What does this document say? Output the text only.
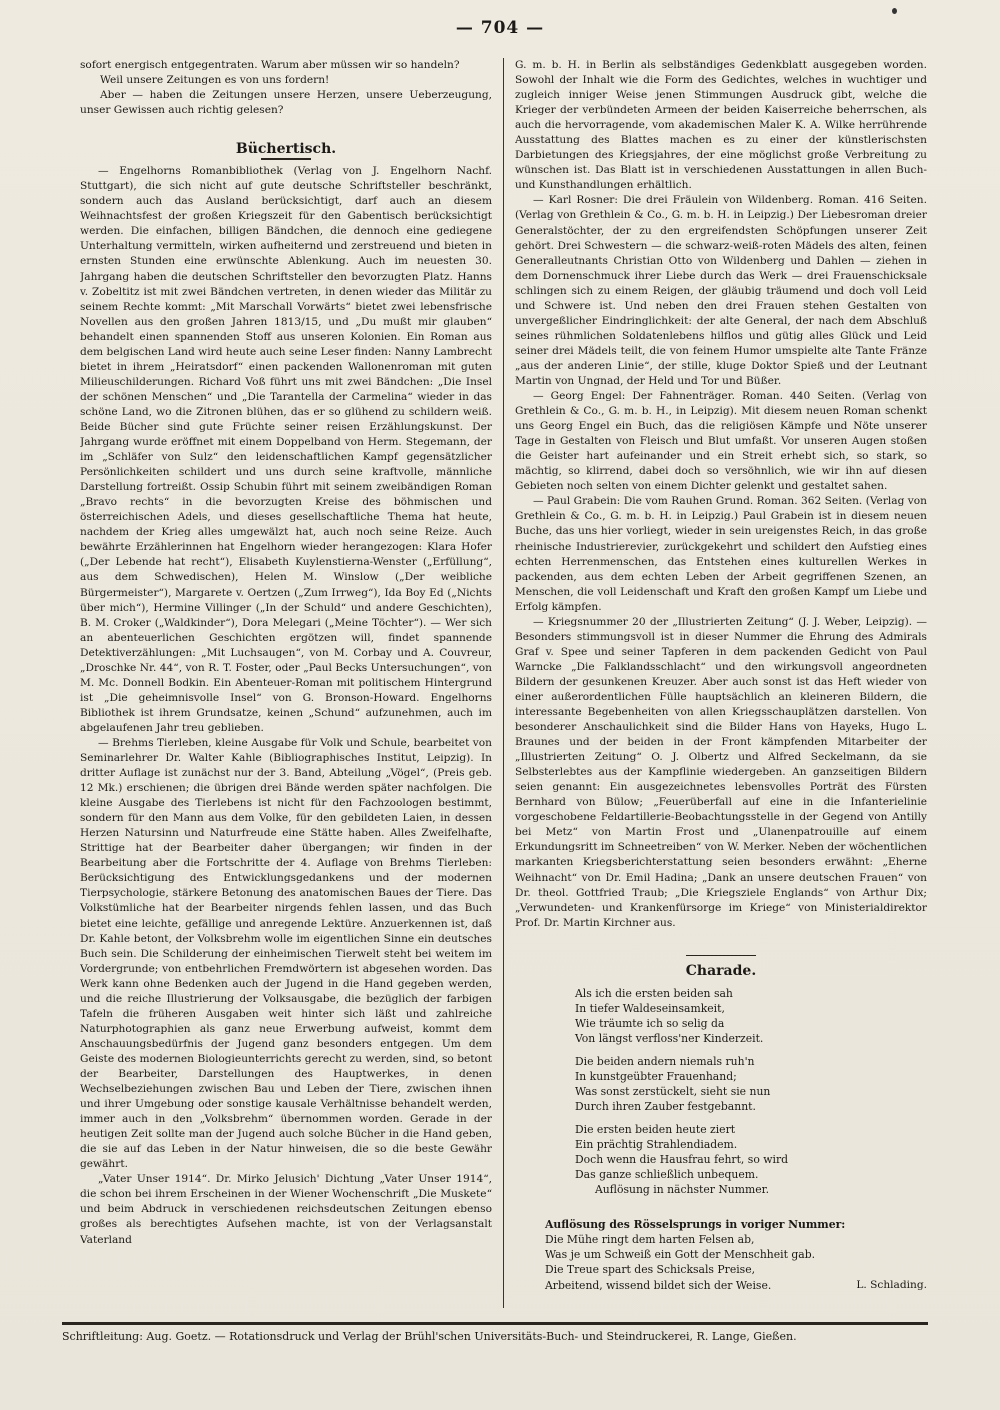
— 704 —

sofort energisch entgegentraten. Warum aber müssen wir so handeln?

Weil unsere Zeitungen es von uns fordern!

Aber — haben die Zeitungen unsere Herzen, unsere Ueberzeugung, unser Gewissen auch richtig gelesen?

Büchertisch.

— Engelhorns Romanbibliothek (Verlag von J. Engelhorn Nachf. Stuttgart), die sich nicht auf gute deutsche Schriftsteller beschränkt, sondern auch das Ausland berücksichtigt, darf auch an diesem Weihnachtsfest der großen Kriegszeit für den Gabentisch berücksichtigt werden. Die einfachen, billigen Bändchen, die dennoch eine gediegene Unterhaltung vermitteln, wirken aufheiternd und zerstreuend und bieten in ernsten Stunden eine erwünschte Ablenkung. Auch im neuesten 30. Jahrgang haben die deutschen Schriftsteller den bevorzugten Platz. Hanns v. Zobeltitz ist mit zwei Bändchen vertreten, in denen wieder das Militär zu seinem Rechte kommt: „Mit Marschall Vorwärts“ bietet zwei lebensfrische Novellen aus den großen Jahren 1813/15, und „Du mußt mir glauben“ behandelt einen spannenden Stoff aus unseren Kolonien. Ein Roman aus dem belgischen Land wird heute auch seine Leser finden: Nanny Lambrecht bietet in ihrem „Heiratsdorf“ einen packenden Wallonenroman mit guten Milieuschilderungen. Richard Voß führt uns mit zwei Bändchen: „Die Insel der schönen Menschen“ und „Die Tarantella der Carmelina“ wieder in das schöne Land, wo die Zitronen blühen, das er so glühend zu schildern weiß. Beide Bücher sind gute Früchte seiner reisen Erzählungskunst. Der Jahrgang wurde eröffnet mit einem Doppelband von Herm. Stegemann, der im „Schläfer von Sulz“ den leidenschaftlichen Kampf gegensätzlicher Persönlichkeiten schildert und uns durch seine kraftvolle, männliche Darstellung fortreißt. Ossip Schubin führt mit seinem zweibändigen Roman „Bravo rechts“ in die bevorzugten Kreise des böhmischen und österreichischen Adels, und dieses gesellschaftliche Thema hat heute, nachdem der Krieg alles umgewälzt hat, auch noch seine Reize. Auch bewährte Erzählerinnen hat Engelhorn wieder herangezogen: Klara Hofer („Der Lebende hat recht“), Elisabeth Kuylenstierna-Wenster („Erfüllung“, aus dem Schwedischen), Helen M. Winslow („Der weibliche Bürgermeister“), Margarete v. Oertzen („Zum Irrweg“), Ida Boy Ed („Nichts über mich“), Hermine Villinger („In der Schuld“ und andere Geschichten), B. M. Croker („Waldkinder“), Dora Melegari („Meine Töchter“). — Wer sich an abenteuerlichen Geschichten ergötzen will, findet spannende Detektiverzählungen: „Mit Luchsaugen“, von M. Corbay und A. Couvreur, „Droschke Nr. 44“, von R. T. Foster, oder „Paul Becks Untersuchungen“, von M. Mc. Donnell Bodkin. Ein Abenteuer-Roman mit politischem Hintergrund ist „Die geheimnisvolle Insel“ von G. Bronson-Howard. Engelhorns Bibliothek ist ihrem Grundsatze, keinen „Schund“ aufzunehmen, auch im abgelaufenen Jahr treu geblieben.

— Brehms Tierleben, kleine Ausgabe für Volk und Schule, bearbeitet von Seminarlehrer Dr. Walter Kahle (Bibliographisches Institut, Leipzig). In dritter Auflage ist zunächst nur der 3. Band, Abteilung „Vögel“, (Preis geb. 12 Mk.) erschienen; die übrigen drei Bände werden später nachfolgen. Die kleine Ausgabe des Tierlebens ist nicht für den Fachzoologen bestimmt, sondern für den Mann aus dem Volke, für den gebildeten Laien, in dessen Herzen Natursinn und Naturfreude eine Stätte haben. Alles Zweifelhafte, Strittige hat der Bearbeiter daher übergangen; wir finden in der Bearbeitung aber die Fortschritte der 4. Auflage von Brehms Tierleben: Berücksichtigung des Entwicklungsgedankens und der modernen Tierpsychologie, stärkere Betonung des anatomischen Baues der Tiere. Das Volkstümliche hat der Bearbeiter nirgends fehlen lassen, und das Buch bietet eine leichte, gefällige und anregende Lektüre. Anzuerkennen ist, daß Dr. Kahle betont, der Volksbrehm wolle im eigentlichen Sinne ein deutsches Buch sein. Die Schilderung der einheimischen Tierwelt steht bei weitem im Vordergrunde; von entbehrlichen Fremdwörtern ist abgesehen worden. Das Werk kann ohne Bedenken auch der Jugend in die Hand gegeben werden, und die reiche Illustrierung der Volksausgabe, die bezüglich der farbigen Tafeln die früheren Ausgaben weit hinter sich läßt und zahlreiche Naturphotographien als ganz neue Erwerbung aufweist, kommt dem Anschauungsbedürfnis der Jugend ganz besonders entgegen. Um dem Geiste des modernen Biologieunterrichts gerecht zu werden, sind, so betont der Bearbeiter, Darstellungen des Hauptwerkes, in denen Wechselbeziehungen zwischen Bau und Leben der Tiere, zwischen ihnen und ihrer Umgebung oder sonstige kausale Verhältnisse behandelt werden, immer auch in den „Volksbrehm“ übernommen worden. Gerade in der heutigen Zeit sollte man der Jugend auch solche Bücher in die Hand geben, die sie auf das Leben in der Natur hinweisen, die so die beste Gewähr gewährt.

„Vater Unser 1914“. Dr. Mirko Jelusich' Dichtung „Vater Unser 1914“, die schon bei ihrem Erscheinen in der Wiener Wochenschrift „Die Muskete“ und beim Abdruck in verschiedenen reichsdeutschen Zeitungen ebenso großes als berechtigtes Aufsehen machte, ist von der Verlagsanstalt Vaterland

G. m. b. H. in Berlin als selbständiges Gedenkblatt ausgegeben worden. Sowohl der Inhalt wie die Form des Gedichtes, welches in wuchtiger und zugleich inniger Weise jenen Stimmungen Ausdruck gibt, welche die Krieger der verbündeten Armeen der beiden Kaiserreiche beherrschen, als auch die hervorragende, vom akademischen Maler K. A. Wilke herrührende Ausstattung des Blattes machen es zu einer der künstlerischsten Darbietungen des Kriegsjahres, der eine möglichst große Verbreitung zu wünschen ist. Das Blatt ist in verschiedenen Ausstattungen in allen Buch- und Kunsthandlungen erhältlich.

— Karl Rosner: Die drei Fräulein von Wildenberg. Roman. 416 Seiten. (Verlag von Grethlein & Co., G. m. b. H. in Leipzig.) Der Liebesroman dreier Generalstöchter, der zu den ergreifendsten Schöpfungen unserer Zeit gehört. Drei Schwestern — die schwarz-weiß-roten Mädels des alten, feinen Generalleutnants Christian Otto von Wildenberg und Dahlen — ziehen in dem Dornenschmuck ihrer Liebe durch das Werk — drei Frauenschicksale schlingen sich zu einem Reigen, der gläubig träumend und doch voll Leid und Schwere ist. Und neben den drei Frauen stehen Gestalten von unvergeßlicher Eindringlichkeit: der alte General, der nach dem Abschluß seines rühmlichen Soldatenlebens hilflos und gütig alles Glück und Leid seiner drei Mädels teilt, die von feinem Humor umspielte alte Tante Fränze „aus der anderen Linie“, der stille, kluge Doktor Spieß und der Leutnant Martin von Ungnad, der Held und Tor und Büßer.

— Georg Engel: Der Fahnenträger. Roman. 440 Seiten. (Verlag von Grethlein & Co., G. m. b. H., in Leipzig). Mit diesem neuen Roman schenkt uns Georg Engel ein Buch, das die religiösen Kämpfe und Nöte unserer Tage in Gestalten von Fleisch und Blut umfaßt. Vor unseren Augen stoßen die Geister hart aufeinander und ein Streit erhebt sich, so stark, so mächtig, so klirrend, dabei doch so versöhnlich, wie wir ihn auf diesen Gebieten noch selten von einem Dichter gelenkt und gestaltet sahen.

— Paul Grabein: Die vom Rauhen Grund. Roman. 362 Seiten. (Verlag von Grethlein & Co., G. m. b. H. in Leipzig.) Paul Grabein ist in diesem neuen Buche, das uns hier vorliegt, wieder in sein ureigenstes Reich, in das große rheinische Industrierevier, zurückgekehrt und schildert den Aufstieg eines echten Herrenmenschen, das Entstehen eines kulturellen Werkes in packenden, aus dem echten Leben der Arbeit gegriffenen Szenen, an Menschen, die voll Leidenschaft und Kraft den großen Kampf um Liebe und Erfolg kämpfen.

— Kriegsnummer 20 der „Illustrierten Zeitung“ (J. J. Weber, Leipzig). — Besonders stimmungsvoll ist in dieser Nummer die Ehrung des Admirals Graf v. Spee und seiner Tapferen in dem packenden Gedicht von Paul Warncke „Die Falklandsschlacht“ und den wirkungsvoll angeordneten Bildern der gesunkenen Kreuzer. Aber auch sonst ist das Heft wieder von einer außerordentlichen Fülle hauptsächlich an kleineren Bildern, die interessante Begebenheiten von allen Kriegsschauplätzen darstellen. Von besonderer Anschaulichkeit sind die Bilder Hans von Hayeks, Hugo L. Braunes und der beiden in der Front kämpfenden Mitarbeiter der „Illustrierten Zeitung“ O. J. Olbertz und Alfred Seckelmann, da sie Selbsterlebtes aus der Kampflinie wiedergeben. An ganzseitigen Bildern seien genannt: Ein ausgezeichnetes lebensvolles Porträt des Fürsten Bernhard von Bülow; „Feuerüberfall auf eine in die Infanterielinie vorgeschobene Feldartillerie-Beobachtungsstelle in der Gegend von Antilly bei Metz“ von Martin Frost und „Ulanenpatrouille auf einem Erkundungsritt im Schneetreiben“ von W. Merker. Neben der wöchentlichen markanten Kriegsberichterstattung seien besonders erwähnt: „Eherne Weihnacht“ von Dr. Emil Hadina; „Dank an unsere deutschen Frauen“ von Dr. theol. Gottfried Traub; „Die Kriegsziele Englands“ von Arthur Dix; „Verwundeten- und Krankenfürsorge im Kriege“ von Ministerialdirektor Prof. Dr. Martin Kirchner aus.

Charade.
Als ich die ersten beiden sah
In tiefer Waldeseinsamkeit,
Wie träumte ich so selig da
Von längst verfloss'ner Kinderzeit.
Die beiden andern niemals ruh'n
In kunstgeübter Frauenhand;
Was sonst zerstückelt, sieht sie nun
Durch ihren Zauber festgebannt.
Die ersten beiden heute ziert
Ein prächtig Strahlendiadem.
Doch wenn die Hausfrau fehrt, so wird
Das ganze schließlich unbequem.
Auflösung in nächster Nummer.
Auflösung des Rösselsprungs in voriger Nummer:
Die Mühe ringt dem harten Felsen ab,
Was je um Schweiß ein Gott der Menschheit gab.
Die Treue spart des Schicksals Preise,
Arbeitend, wissend bildet sich der Weise.	L. Schlading.
Schriftleitung: Aug. Goetz. — Rotationsdruck und Verlag der Brühl'schen Universitäts-Buch- und Steindruckerei, R. Lange, Gießen.
